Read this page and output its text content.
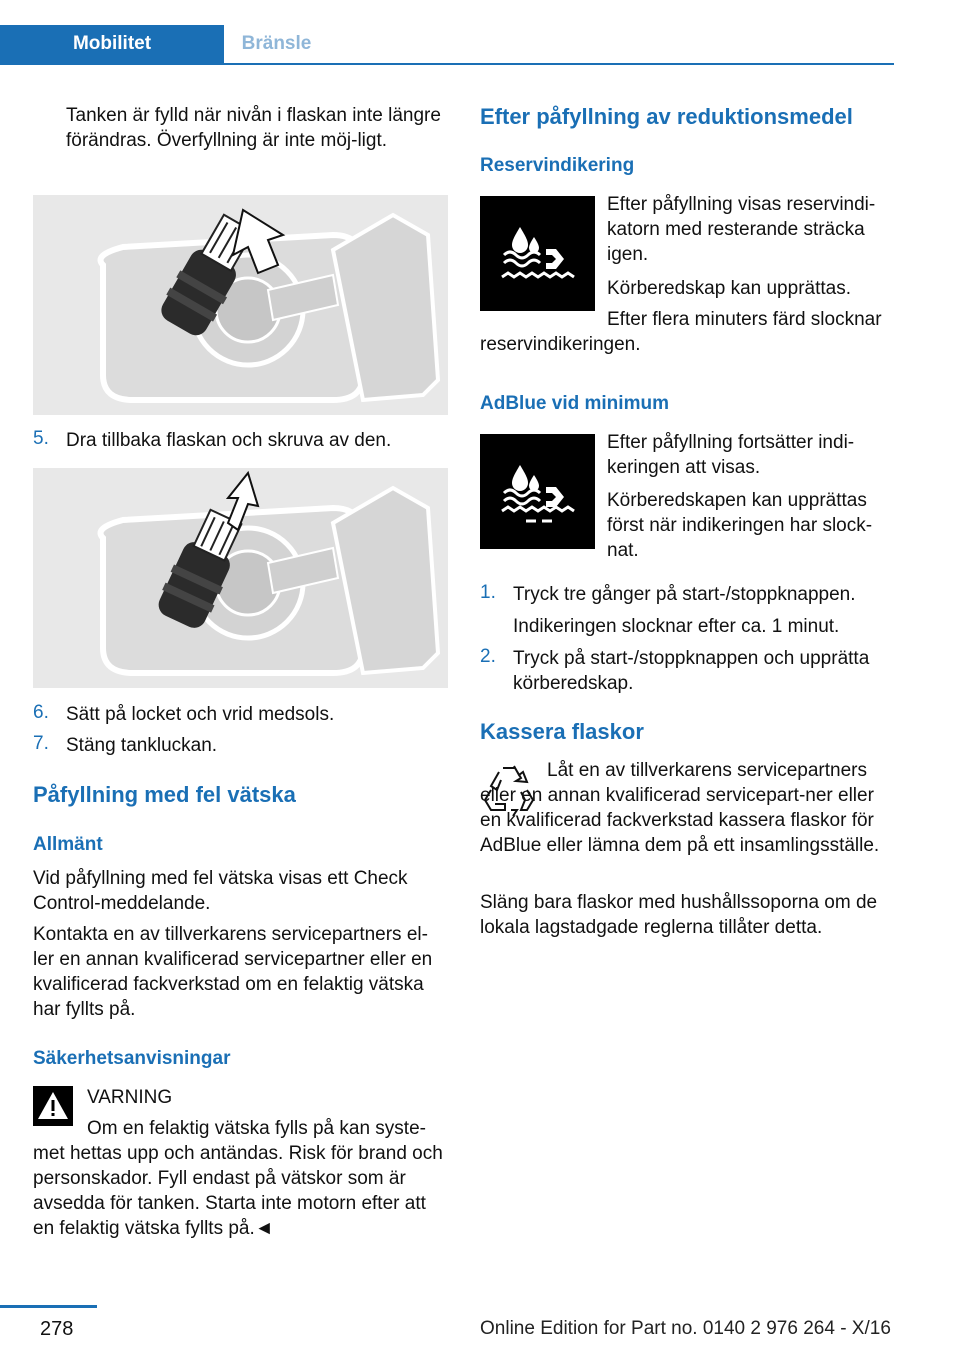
Mobilitet	Bränsle
Tanken är fylld när nivån i flaskan inte längre förändras. Överfyllning är inte möj‐ligt.
5. Dra tillbaka flaskan och skruva av den.
6. Sätt på locket och vrid medsols.
7. Stäng tankluckan.
Påfyllning med fel vätska
Allmänt
Vid påfyllning med fel vätska visas ett Check Control-meddelande.
Kontakta en av tillverkarens servicepartners el‐ler en annan kvalificerad servicepartner eller en kvalificerad fackverkstad om en felaktig vätska har fyllts på.
Säkerhetsanvisningar
VARNING
Om en felaktig vätska fylls på kan syste‐met hettas upp och antändas. Risk för brand och personskador. Fyll endast på vätskor som är avsedda för tanken. Starta inte motorn efter att en felaktig vätska fyllts på.◄
Efter påfyllning av reduktionsmedel
Reservindikering
Efter påfyllning visas reservindi‐katorn med resterande sträcka igen.
Körberedskap kan upprättas.
Efter flera minuters färd slocknar reservindikeringen.
AdBlue vid minimum
Efter påfyllning fortsätter indi‐keringen att visas.
Körberedskapen kan upprättas först när indikeringen har slock‐nat.
1. Tryck tre gånger på start-/stoppknappen.
Indikeringen slocknar efter ca. 1 minut.
2. Tryck på start-/stoppknappen och upprätta körberedskap.
Kassera flaskor
Låt en av tillverkarens servicepartners eller en annan kvalificerad servicepart‐ner eller en kvalificerad fackverkstad kassera flaskor för AdBlue eller lämna dem på ett insamlingsställe.
Släng bara flaskor med hushållssoporna om de lokala lagstadgade reglerna tillåter detta.
278	Online Edition for Part no. 0140 2 976 264 - X/16
